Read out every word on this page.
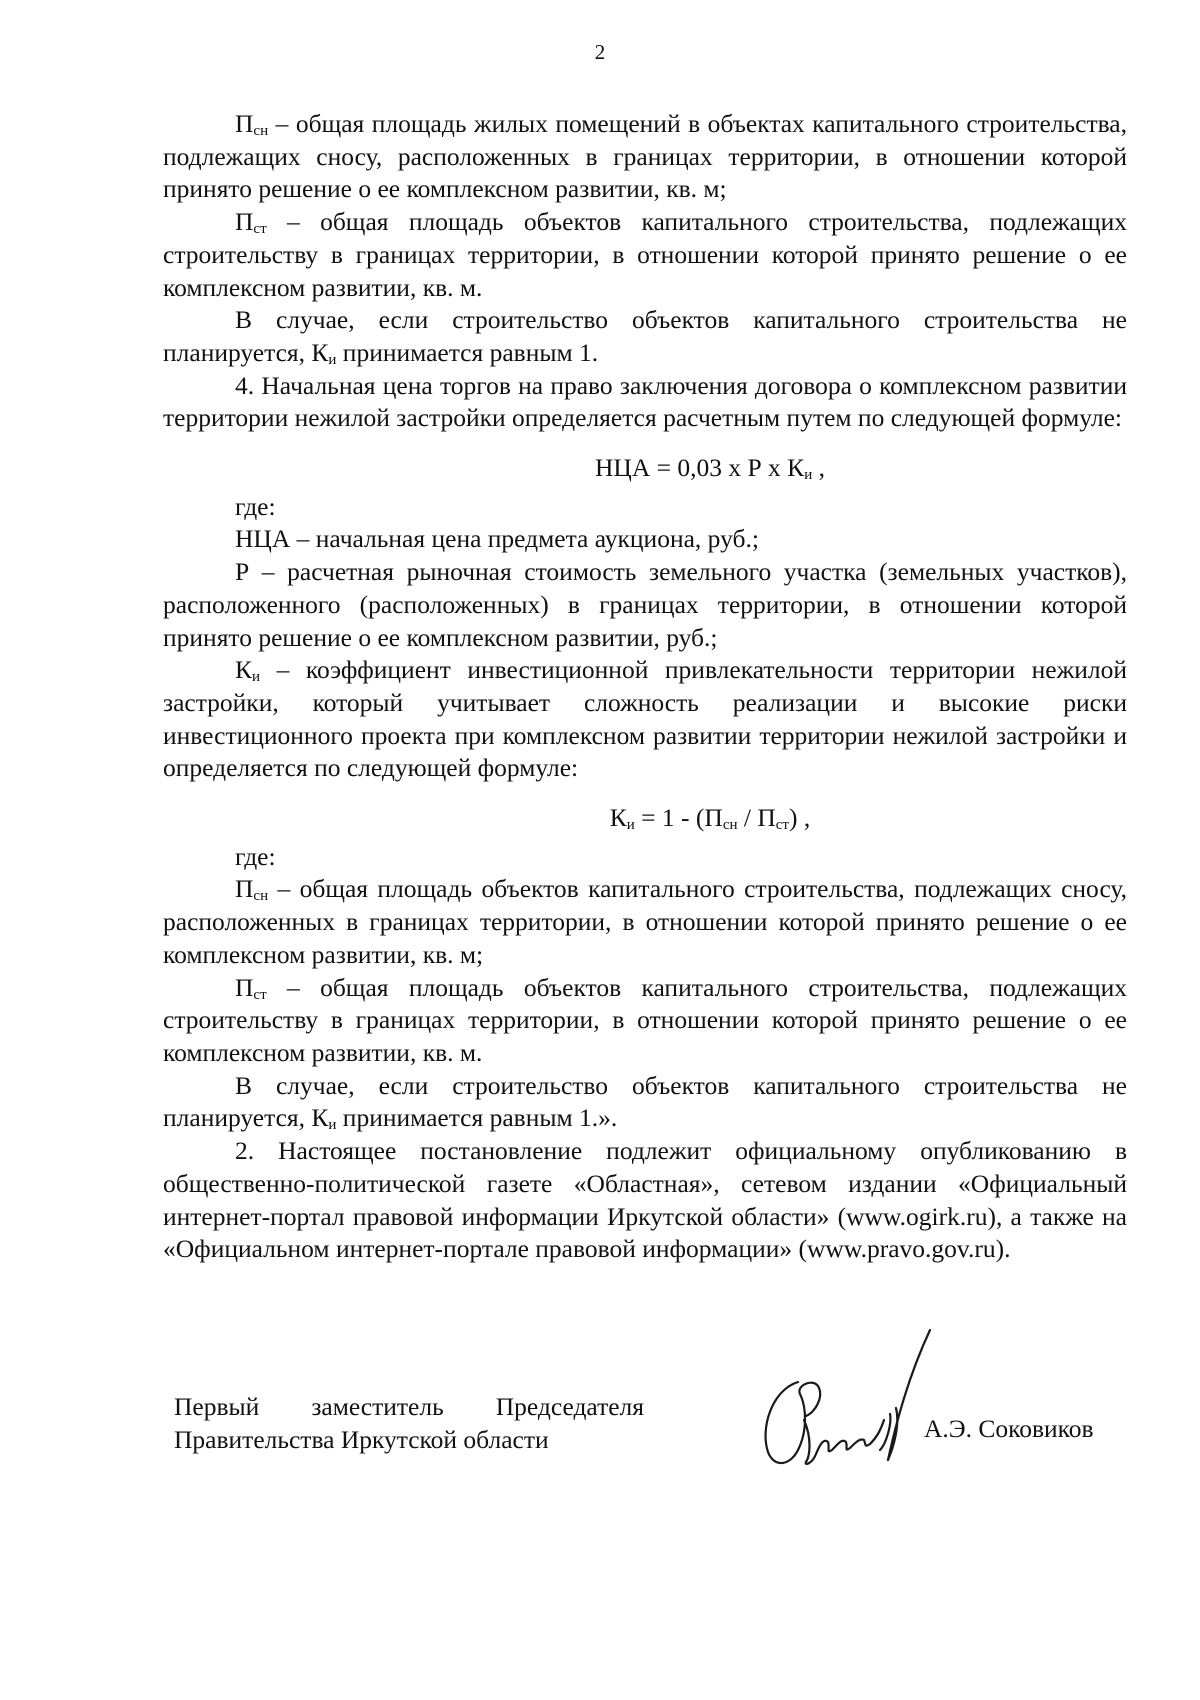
2

$П_{сн}$ – общая площадь жилых помещений в объектах капитального строительства, подлежащих сносу, расположенных в границах территории, в отношении которой принято решение о ее комплексном развитии, кв. м;

$П_{ст}$ – общая площадь объектов капитального строительства, подлежащих строительству в границах территории, в отношении которой принято решение о ее комплексном развитии, кв. м.

В случае, если строительство объектов капитального строительства не планируется, $К_и$ принимается равным 1.

4. Начальная цена торгов на право заключения договора о комплексном развитии территории нежилой застройки определяется расчетным путем по следующей формуле:

НЦА = 0,03 х Р х $К_и$ ,

где:

НЦА – начальная цена предмета аукциона, руб.;

Р – расчетная рыночная стоимость земельного участка (земельных участков), расположенного (расположенных) в границах территории, в отношении которой принято решение о ее комплексном развитии, руб.;

$К_и$ – коэффициент инвестиционной привлекательности территории нежилой застройки, который учитывает сложность реализации и высокие риски инвестиционного проекта при комплексном развитии территории нежилой застройки и определяется по следующей формуле:

$К_и = 1 - (П_{сн} / П_{ст})$ ,

где:

$П_{сн}$ – общая площадь объектов капитального строительства, подлежащих сносу, расположенных в границах территории, в отношении которой принято решение о ее комплексном развитии, кв. м;

$П_{ст}$ – общая площадь объектов капитального строительства, подлежащих строительству в границах территории, в отношении которой принято решение о ее комплексном развитии, кв. м.

В случае, если строительство объектов капитального строительства не планируется, $К_и$ принимается равным 1.».

2. Настоящее постановление подлежит официальному опубликованию в общественно-политической газете «Областная», сетевом издании «Официальный интернет-портал правовой информации Иркутской области» (www.ogirk.ru), а также на «Официальном интернет-портале правовой информации» (www.pravo.gov.ru).

Первый заместитель Председателя
Правительства Иркутской области	А.Э. Соковиков
